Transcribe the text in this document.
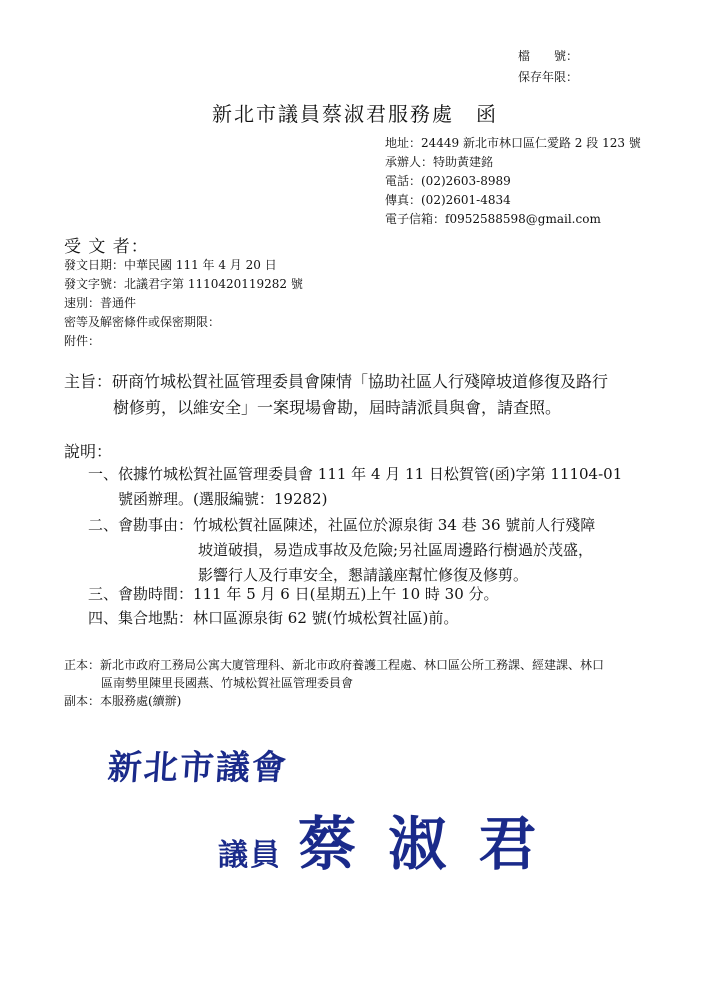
檔　　號：
保存年限：
新北市議員蔡淑君服務處　函
地址：24449 新北市林口區仁愛路 2 段 123 號
承辦人：特助黃建銘
電話：(02)2603-8989
傳真：(02)2601-4834
電子信箱：f0952588598@gmail.com
受 文 者：
發文日期：中華民國 111 年 4 月 20 日
發文字號：北議君字第 1110420119282 號
速別：普通件
密等及解密條件或保密期限：
附件：
主旨：研商竹城松賀社區管理委員會陳情「協助社區人行殘障坡道修復及路行
樹修剪，以維安全」一案現場會勘，屆時請派員與會，請查照。
說明：
一、依據竹城松賀社區管理委員會 111 年 4 月 11 日松賀管(函)字第 11104-01
號函辦理。(選服編號：19282)
二、會勘事由：竹城松賀社區陳述，社區位於源泉街 34 巷 36 號前人行殘障
坡道破損，易造成事故及危險;另社區周邊路行樹過於茂盛，
影響行人及行車安全，懇請議座幫忙修復及修剪。
三、會勘時間：111 年 5 月 6 日(星期五)上午 10 時 30 分。
四、集合地點：林口區源泉街 62 號(竹城松賀社區)前。
正本：新北市政府工務局公寓大廈管理科、新北市政府養護工程處、林口區公所工務課、經建課、林口
區南勢里陳里長國燕、竹城松賀社區管理委員會
副本：本服務處(續辦)
新北市議會
議員 蔡 淑 君
